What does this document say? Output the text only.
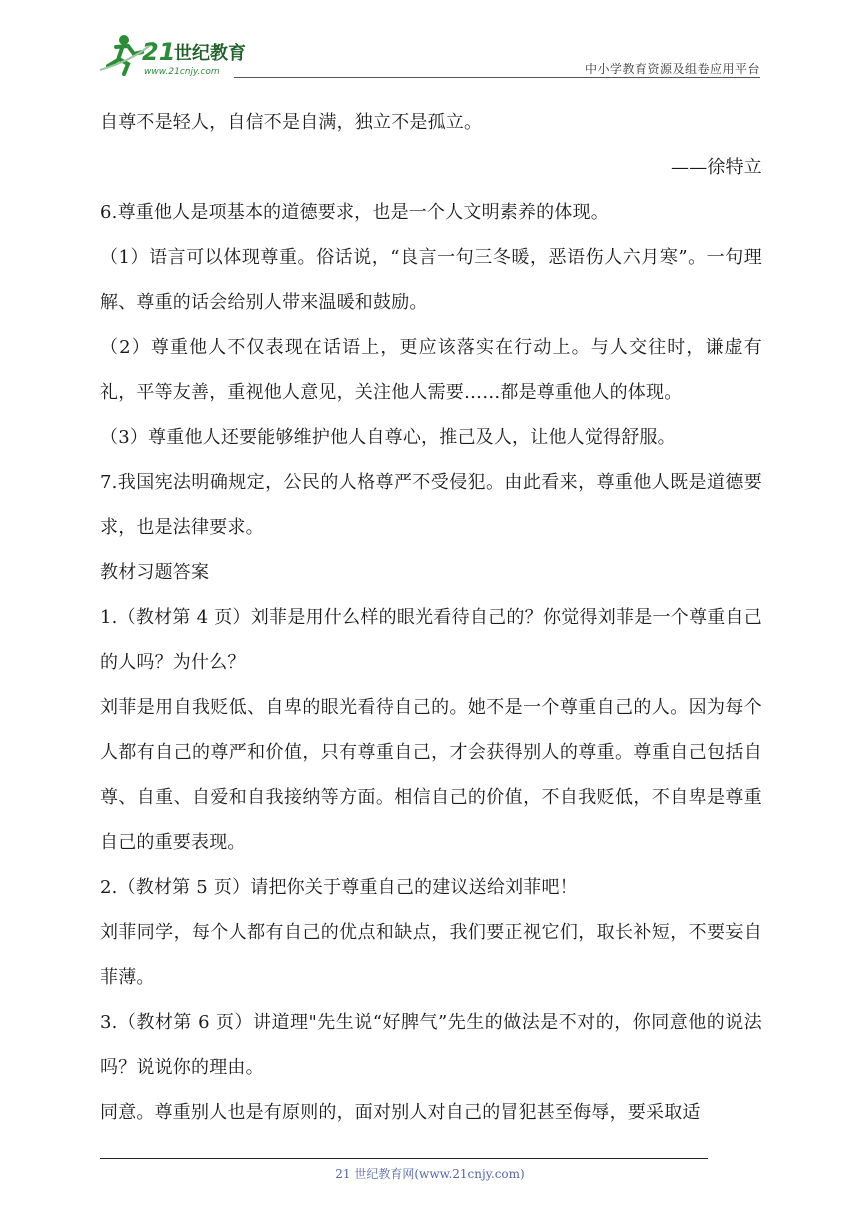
21
世纪教育
www.21cnjy.com	中小学教育资源及组卷应用平台

自尊不是轻人，自信不是自满，独立不是孤立。

——徐特立

6.尊重他人是项基本的道德要求，也是一个人文明素养的体现。

（1）语言可以体现尊重。俗话说，“良言一句三冬暖，恶语伤人六月寒”。一句理解、尊重的话会给别人带来温暖和鼓励。

（2）尊重他人不仅表现在话语上，更应该落实在行动上。与人交往时，谦虚有礼，平等友善，重视他人意见，关注他人需要……都是尊重他人的体现。

（3）尊重他人还要能够维护他人自尊心，推己及人，让他人觉得舒服。

7.我国宪法明确规定，公民的人格尊严不受侵犯。由此看来，尊重他人既是道德要求，也是法律要求。

教材习题答案

1.（教材第 4 页）刘菲是用什么样的眼光看待自己的？你觉得刘菲是一个尊重自己的人吗？为什么？

刘菲是用自我贬低、自卑的眼光看待自己的。她不是一个尊重自己的人。因为每个人都有自己的尊严和价值，只有尊重自己，才会获得别人的尊重。尊重自己包括自尊、自重、自爱和自我接纳等方面。相信自己的价值，不自我贬低，不自卑是尊重自己的重要表现。

2.（教材第 5 页）请把你关于尊重自己的建议送给刘菲吧！

刘菲同学，每个人都有自己的优点和缺点，我们要正视它们，取长补短，不要妄自菲薄。

3.（教材第 6 页）讲道理"先生说“好脾气”先生的做法是不对的，你同意他的说法吗？说说你的理由。

同意。尊重别人也是有原则的，面对别人对自己的冒犯甚至侮辱，要采取适

21 世纪教育网(www.21cnjy.com)
